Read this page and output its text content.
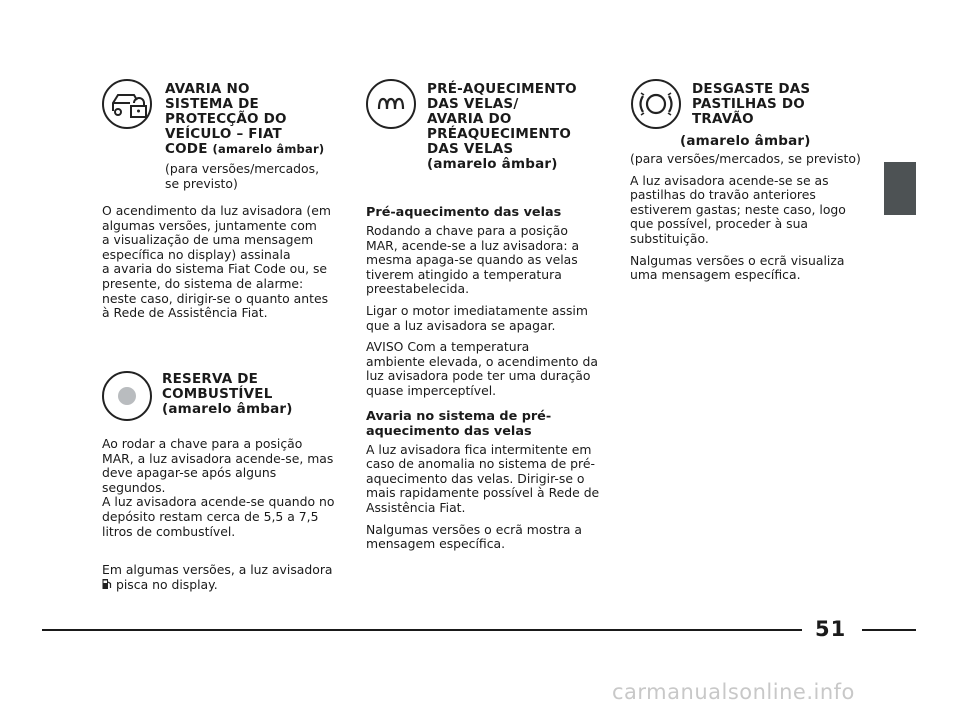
AVARIA NO
SISTEMA DE
PROTECÇÃO DO
VEÍCULO – FIAT
CODE (amarelo âmbar)
(para versões/mercados,
se previsto)
O acendimento da luz avisadora (em
algumas versões, juntamente com
a visualização de uma mensagem
específica no display) assinala
a avaria do sistema Fiat Code ou, se
presente, do sistema de alarme:
neste caso, dirigir-se o quanto antes
à Rede de Assistência Fiat.
RESERVA DE
COMBUSTÍVEL
(amarelo âmbar)
Ao rodar a chave para a posição
MAR, a luz avisadora acende-se, mas
deve apagar-se após alguns
segundos.
A luz avisadora acende-se quando no
depósito restam cerca de 5,5 a 7,5
litros de combustível.
Em algumas versões, a luz avisadora
pisca no display.
PRÉ-AQUECIMENTO
DAS VELAS/
AVARIA DO
PRÉAQUECIMENTO
DAS VELAS
(amarelo âmbar)
Pré-aquecimento das velas
Rodando a chave para a posição
MAR, acende-se a luz avisadora: a
mesma apaga-se quando as velas
tiverem atingido a temperatura
preestabelecida.
Ligar o motor imediatamente assim
que a luz avisadora se apagar.
AVISO Com a temperatura
ambiente elevada, o acendimento da
luz avisadora pode ter uma duração
quase imperceptível.
Avaria no sistema de pré-
aquecimento das velas
A luz avisadora fica intermitente em
caso de anomalia no sistema de pré-
aquecimento das velas. Dirigir-se o
mais rapidamente possível à Rede de
Assistência Fiat.
Nalgumas versões o ecrã mostra a
mensagem específica.
DESGASTE DAS
PASTILHAS DO
TRAVÃO
(amarelo âmbar)
(para versões/mercados, se previsto)
A luz avisadora acende-se se as
pastilhas do travão anteriores
estiverem gastas; neste caso, logo
que possível, proceder à sua
substituição.
Nalgumas versões o ecrã visualiza
uma mensagem específica.
51
carmanualsonline.info
